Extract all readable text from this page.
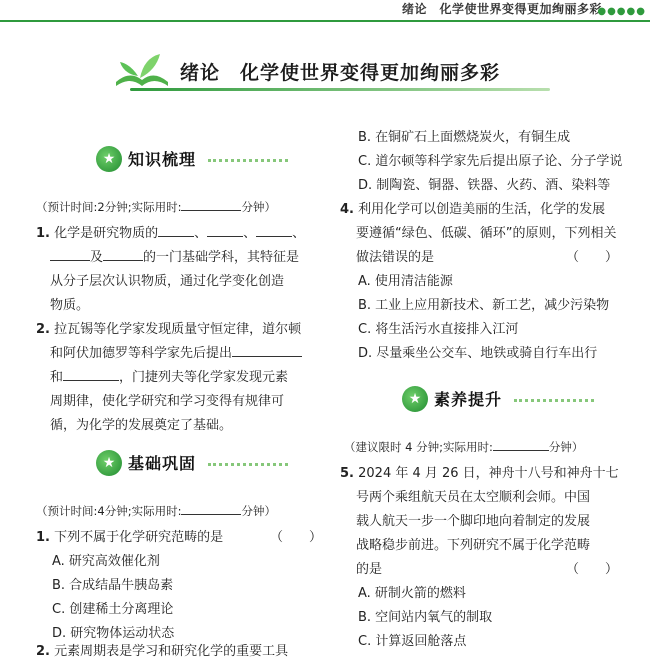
绪论　化学使世界变得更加绚丽多彩
●●●●●
绪论　化学使世界变得更加绚丽多彩
★ 知识梳理
（预计时间:2分钟;实际用时:	分钟）
1. 化学是研究物质的	、	、	、
及	的一门基础学科，其特征是
从分子层次认识物质，通过化学变化创造
物质。
2. 拉瓦锡等化学家发现质量守恒定律，道尔顿
和阿伏加德罗等科学家先后提出
和	，门捷列夫等化学家发现元素
周期律，使化学研究和学习变得有规律可
循，为化学的发展奠定了基础。
★ 基础巩固
（预计时间:4分钟;实际用时:	分钟）
1. 下列不属于化学研究范畴的是	（　　）
A. 研究高效催化剂
B. 合成结晶牛胰岛素
C. 创建稀土分离理论
D. 研究物体运动状态
2. 元素周期表是学习和研究化学的重要工具
B. 在铜矿石上面燃烧炭火，有铜生成
C. 道尔顿等科学家先后提出原子论、分子学说
D. 制陶瓷、铜器、铁器、火药、酒、染料等
4. 利用化学可以创造美丽的生活，化学的发展
要遵循“绿色、低碳、循环”的原则，下列相关
做法错误的是	（　　）
A. 使用清洁能源
B. 工业上应用新技术、新工艺，减少污染物
C. 将生活污水直接排入江河
D. 尽量乘坐公交车、地铁或骑自行车出行
★ 素养提升
（建议限时 4 分钟;实际用时:	分钟）
5. 2024 年 4 月 26 日，神舟十八号和神舟十七
号两个乘组航天员在太空顺利会师。中国
载人航天一步一个脚印地向着制定的发展
战略稳步前进。下列研究不属于化学范畴
的是	（　　）
A. 研制火箭的燃料
B. 空间站内氧气的制取
C. 计算返回舱落点
